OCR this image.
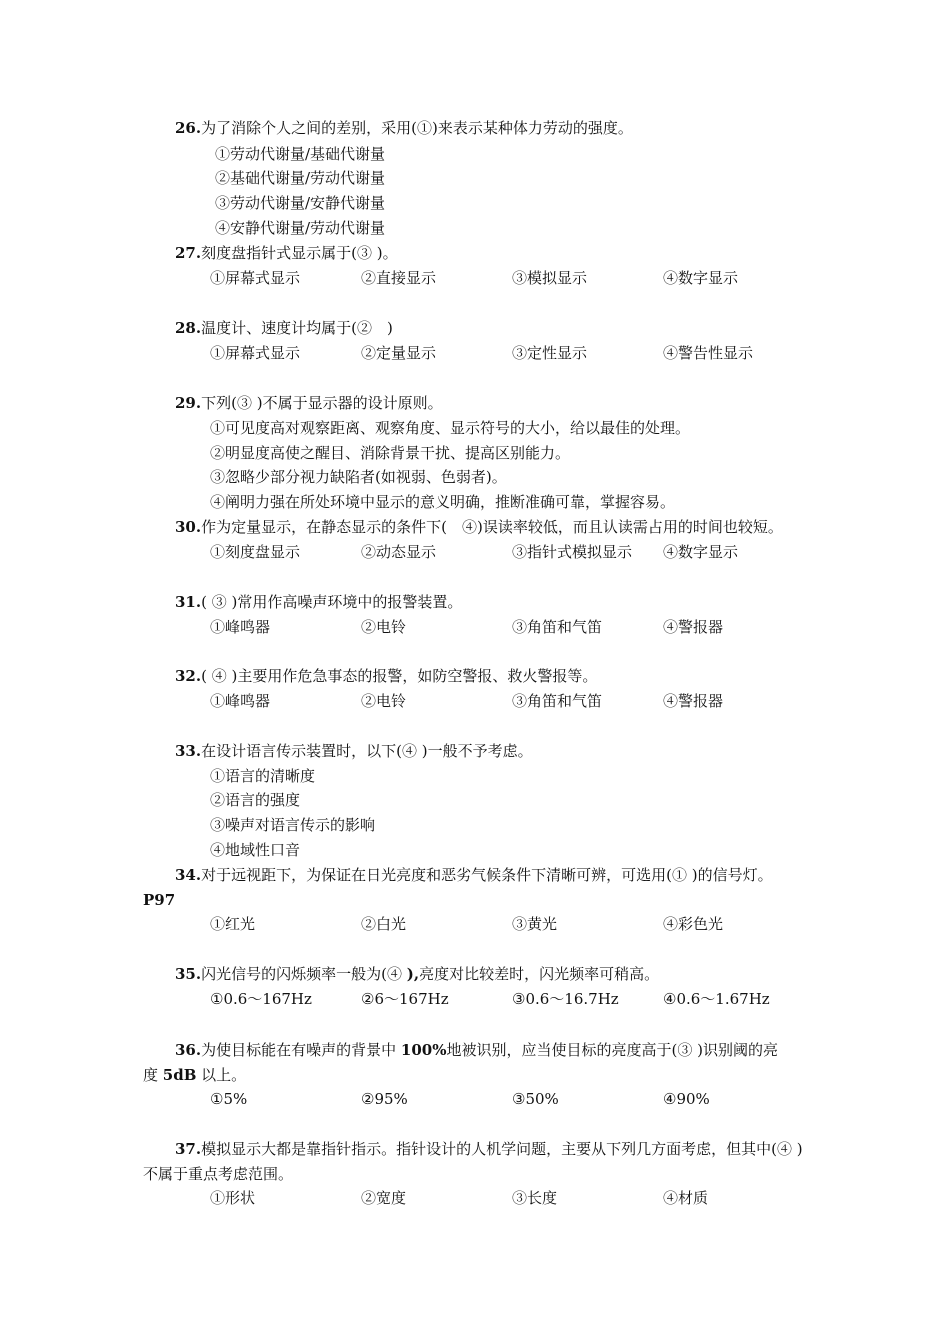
26.为了消除个人之间的差别，采用(①)来表示某种体力劳动的强度。
①劳动代谢量/基础代谢量
②基础代谢量/劳动代谢量
③劳动代谢量/安静代谢量
④安静代谢量/劳动代谢量
27.刻度盘指针式显示属于(③ )。
①屏幕式显示	②直接显示	③模拟显示	④数字显示
28.温度计、速度计均属于(②　)
①屏幕式显示	②定量显示	③定性显示	④警告性显示
29.下列(③ )不属于显示器的设计原则。
①可见度高对观察距离、观察角度、显示符号的大小，给以最佳的处理。
②明显度高使之醒目、消除背景干扰、提高区别能力。
③忽略少部分视力缺陷者(如视弱、色弱者)。
④阐明力强在所处环境中显示的意义明确，推断准确可靠，掌握容易。
30.作为定量显示，在静态显示的条件下(　④)误读率较低，而且认读需占用的时间也较短。
①刻度盘显示	②动态显示	③指针式模拟显示 ④数字显示
31.( ③ )常用作高噪声环境中的报警装置。
①峰鸣器	②电铃	③角笛和气笛	④警报器
32.( ④ )主要用作危急事态的报警，如防空警报、救火警报等。
①峰鸣器	②电铃	③角笛和气笛	④警报器
33.在设计语言传示装置时，以下(④ )一般不予考虑。
①语言的清晰度
②语言的强度
③噪声对语言传示的影响
④地域性口音
34.对于远视距下，为保证在日光亮度和恶劣气候条件下清晰可辨，可选用(① )的信号灯。
P97
①红光	②白光	③黄光	④彩色光
35.闪光信号的闪烁频率一般为(④ ),亮度对比较差时，闪光频率可稍高。
①0.6～167Hz	②6～167Hz	③0.6～16.7Hz	④0.6～1.67Hz
36.为使目标能在有噪声的背景中 100%地被识别，应当使目标的亮度高于(③ )识别阈的亮
度 5dB 以上。
①5%	②95%	③50%	④90%
37.模拟显示大都是靠指针指示。指针设计的人机学问题，主要从下列几方面考虑，但其中(④ )
不属于重点考虑范围。
①形状	②宽度	③长度	④材质
